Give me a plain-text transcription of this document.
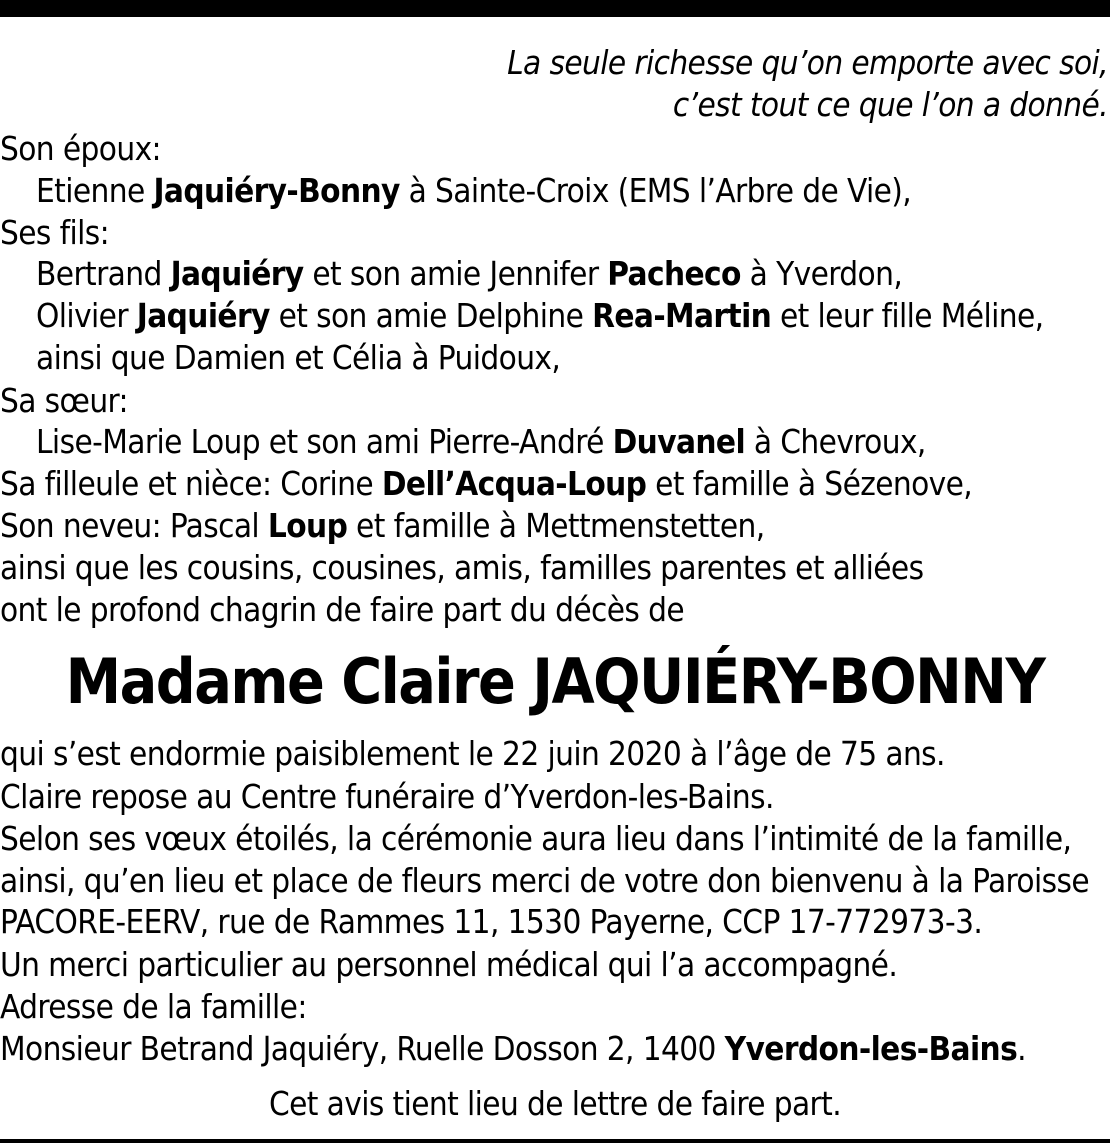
La seule richesse qu’on emporte avec soi,
c’est tout ce que l’on a donné.
Son époux:
Etienne Jaquiéry-Bonny à Sainte-Croix (EMS l’Arbre de Vie),
Ses fils:
Bertrand Jaquiéry et son amie Jennifer Pacheco à Yverdon,
Olivier Jaquiéry et son amie Delphine Rea-Martin et leur fille Méline,
ainsi que Damien et Célia à Puidoux,
Sa sœur:
Lise-Marie Loup et son ami Pierre-André Duvanel à Chevroux,
Sa filleule et nièce: Corine Dell’Acqua-Loup et famille à Sézenove,
Son neveu: Pascal Loup et famille à Mettmenstetten,
ainsi que les cousins, cousines, amis, familles parentes et alliées
ont le profond chagrin de faire part du décès de
Madame Claire JAQUIÉRY-BONNY
qui s’est endormie paisiblement le 22 juin 2020 à l’âge de 75 ans.
Claire repose au Centre funéraire d’Yverdon-les-Bains.
Selon ses vœux étoilés, la cérémonie aura lieu dans l’intimité de la famille,
ainsi, qu’en lieu et place de fleurs merci de votre don bienvenu à la Paroisse
PACORE-EERV, rue de Rammes 11, 1530 Payerne, CCP 17-772973-3.
Un merci particulier au personnel médical qui l’a accompagné.
Adresse de la famille:
Monsieur Betrand Jaquiéry, Ruelle Dosson 2, 1400 Yverdon-les-Bains.
Cet avis tient lieu de lettre de faire part.
